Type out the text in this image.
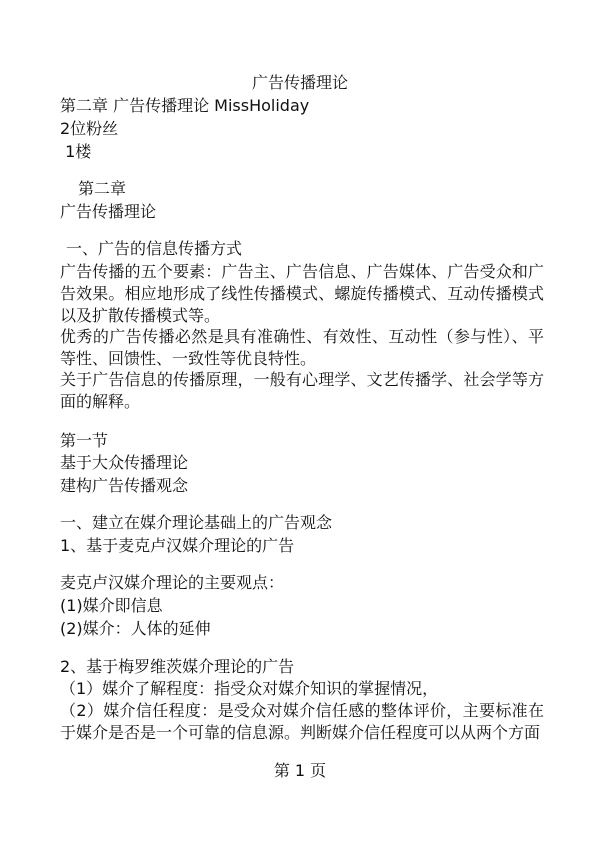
广告传播理论
第二章 广告传播理论 MissHoliday
2位粉丝
1楼
第二章
广告传播理论
一、广告的信息传播方式
广告传播的五个要素：广告主、广告信息、广告媒体、广告受众和广告效果。相应地形成了线性传播模式、螺旋传播模式、互动传播模式以及扩散传播模式等。
优秀的广告传播必然是具有准确性、有效性、互动性（参与性）、平等性、回馈性、一致性等优良特性。
关于广告信息的传播原理，一般有心理学、文艺传播学、社会学等方面的解释。
第一节
基于大众传播理论
建构广告传播观念
一、建立在媒介理论基础上的广告观念
1、基于麦克卢汉媒介理论的广告
麦克卢汉媒介理论的主要观点：
(1)媒介即信息
(2)媒介：人体的延伸
2、基于梅罗维茨媒介理论的广告
（1）媒介了解程度：指受众对媒介知识的掌握情况，
（2）媒介信任程度：是受众对媒介信任感的整体评价，主要标准在于媒介是否是一个可靠的信息源。判断媒介信任程度可以从两个方面
第 1 页
